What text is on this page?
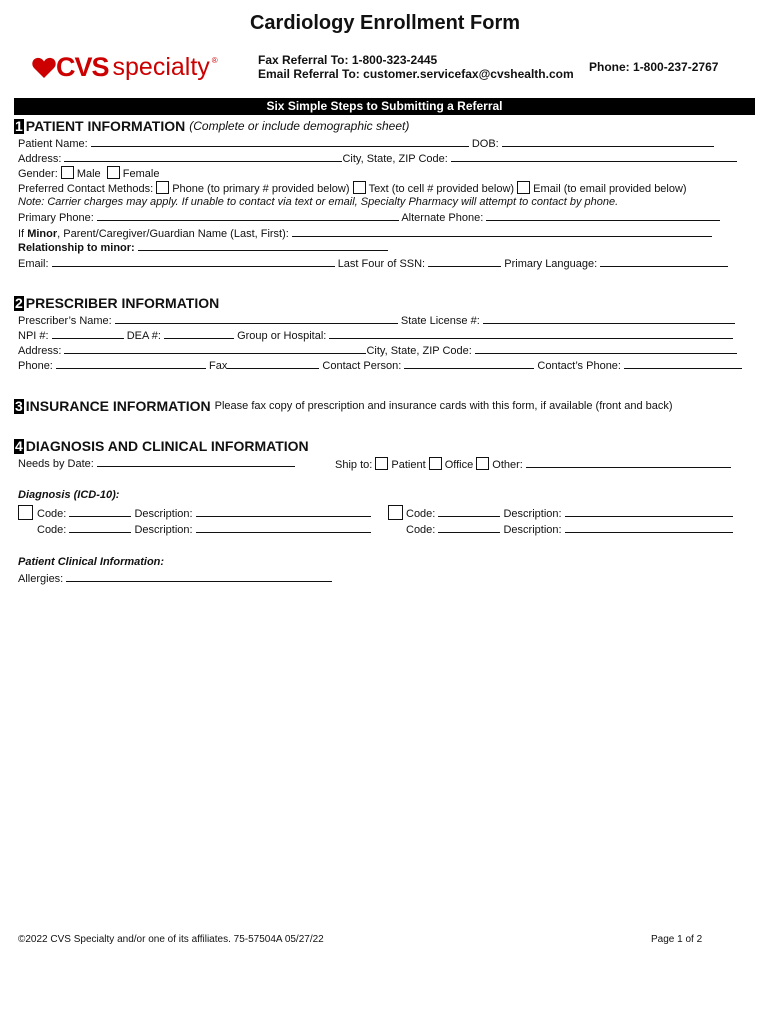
Cardiology Enrollment Form
CVS specialty ®	Fax Referral To: 1-800-323-2445
Email Referral To: customer.servicefax@cvshealth.com Phone: 1-800-237-2767
Six Simple Steps to Submitting a Referral
1 PATIENT INFORMATION (Complete or include demographic sheet)
Patient Name:	DOB:
Address:	City, State, ZIP Code:
Gender: Male Female
Preferred Contact Methods: Phone (to primary # provided below) Text (to cell # provided below) Email (to email provided below)
Note: Carrier charges may apply. If unable to contact via text or email, Specialty Pharmacy will attempt to contact by phone.
Primary Phone:	Alternate Phone:
If Minor, Parent/Caregiver/Guardian Name (Last, First):
Relationship to minor:
Email:	Last Four of SSN:	Primary Language:
2 PRESCRIBER INFORMATION
Prescriber’s Name:	State License #:
NPI #:	DEA #:	Group or Hospital:
Address:	City, State, ZIP Code:
Phone:	Fax	Contact Person:	Contact’s Phone:
3 INSURANCE INFORMATION Please fax copy of prescription and insurance cards with this form, if available (front and back)
4 DIAGNOSIS AND CLINICAL INFORMATION
Needs by Date:	Ship to: Patient Office Other:
Diagnosis (ICD-10):
Code:	Description:
Code:	Description:
Code:	Description:
Code:	Description:
Patient Clinical Information:
Allergies:
©2022 CVS Specialty and/or one of its affiliates. 75-57504A 05/27/22	Page 1 of 2
